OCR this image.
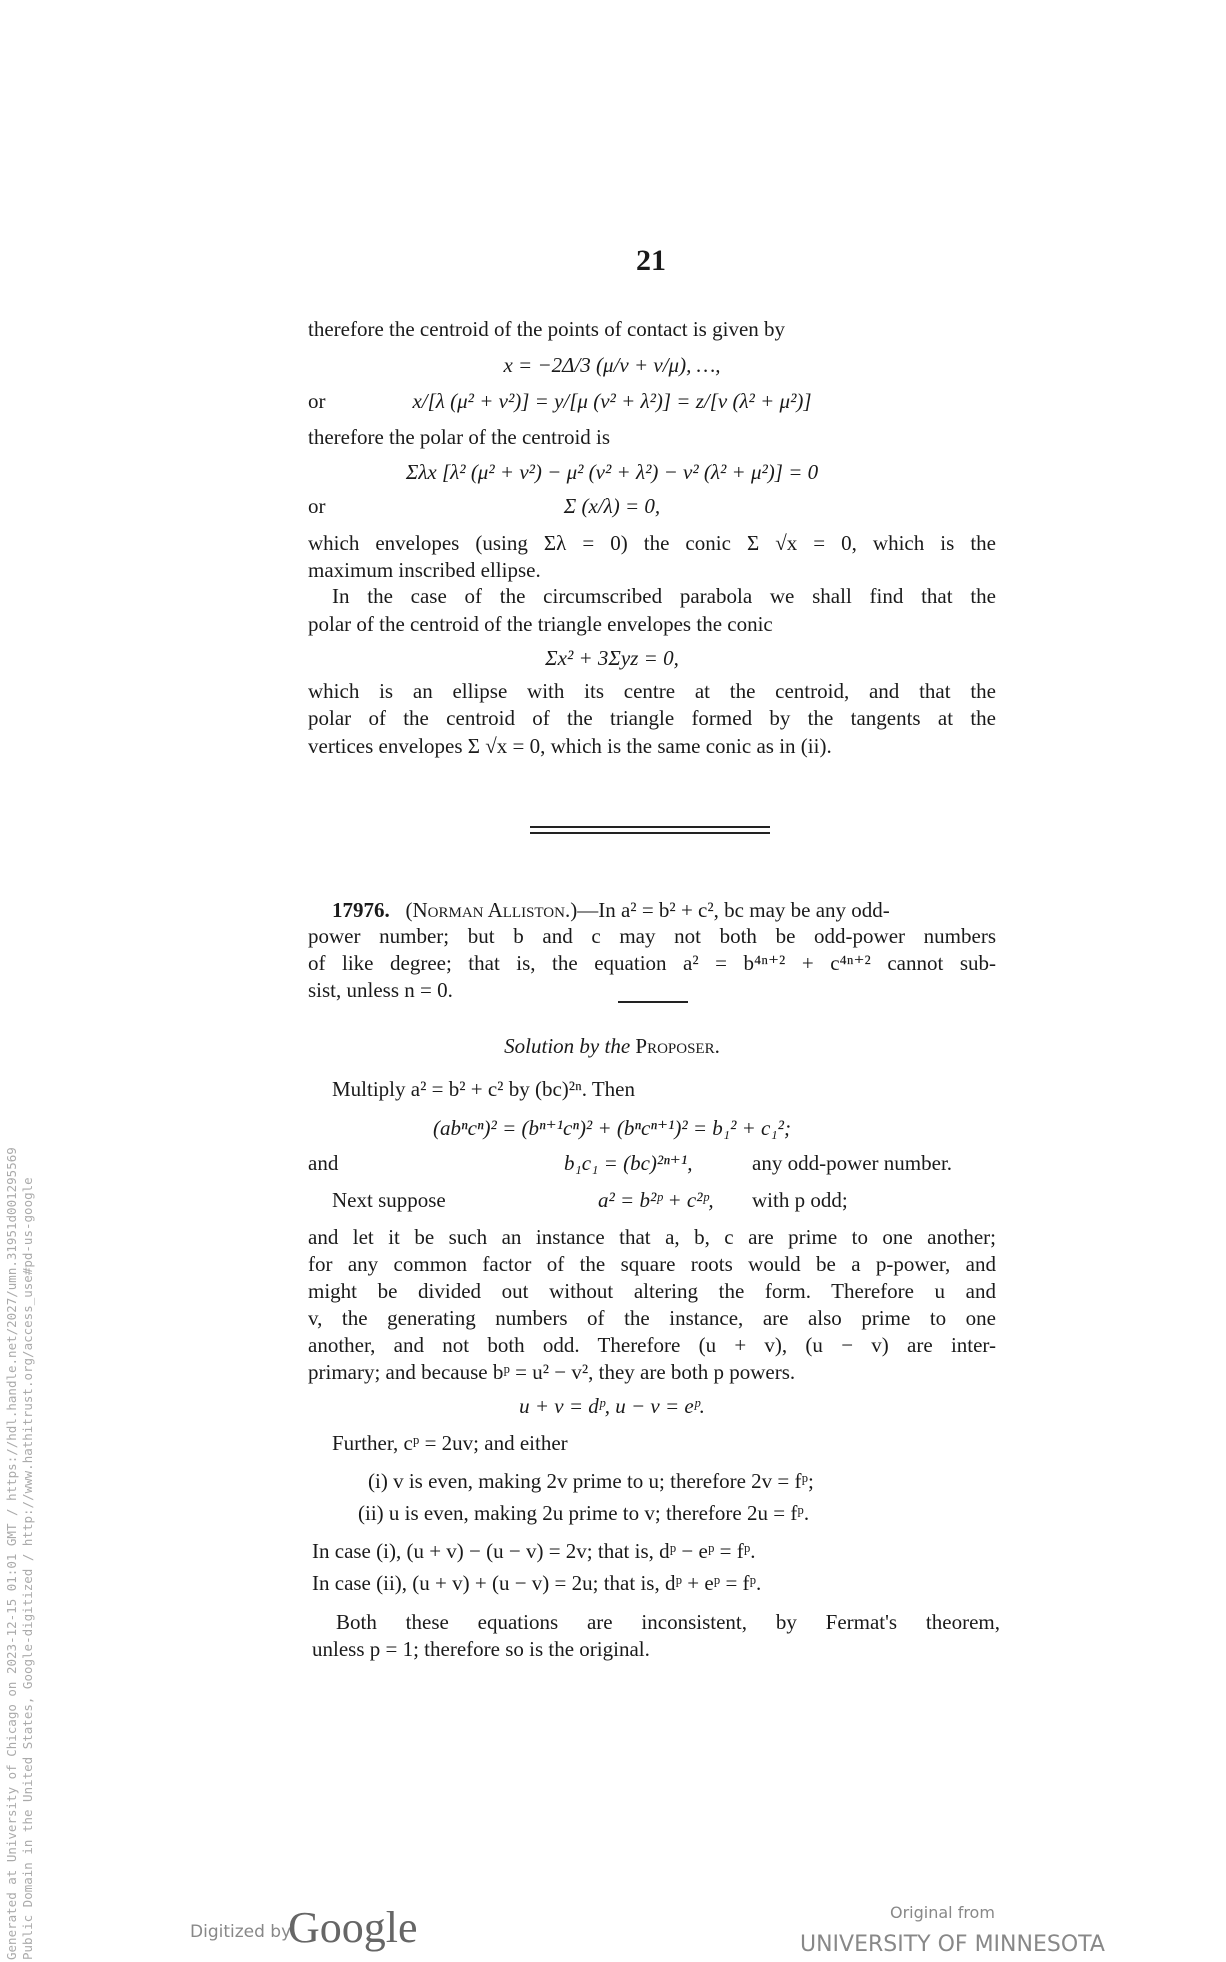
21
therefore the centroid of the points of contact is given by
x = −2Δ/3 (μ/ν + ν/μ), …,
or	x/[λ (μ² + ν²)] = y/[μ (ν² + λ²)] = z/[ν (λ² + μ²)]
therefore the polar of the centroid is
Σλx [λ² (μ² + ν²) − μ² (ν² + λ²) − ν² (λ² + μ²)] = 0
or	Σ (x/λ) = 0,
which envelopes (using Σλ = 0) the conic Σ √x = 0, which is the
maximum inscribed ellipse.
In the case of the circumscribed parabola we shall find that the
polar of the centroid of the triangle envelopes the conic
Σx² + 3Σyz = 0,
which is an ellipse with its centre at the centroid, and that the
polar of the centroid of the triangle formed by the tangents at the
vertices envelopes Σ √x = 0, which is the same conic as in (ii).
17976. (Norman Alliston.)—In a² = b² + c², bc may be any odd-
power number; but b and c may not both be odd-power numbers
of like degree; that is, the equation a² = b⁴ⁿ⁺² + c⁴ⁿ⁺² cannot sub-
sist, unless n = 0.
Solution by the Proposer.
Multiply a² = b² + c² by (bc)²ⁿ. Then
(abⁿcⁿ)² = (bⁿ⁺¹cⁿ)² + (bⁿcⁿ⁺¹)² = b₁² + c₁²;
and	b₁c₁ = (bc)²ⁿ⁺¹,	any odd-power number.
Next suppose	a² = b²ᵖ + c²ᵖ, with p odd;
and let it be such an instance that a, b, c are prime to one another;
for any common factor of the square roots would be a p-power, and
might be divided out without altering the form. Therefore u and
v, the generating numbers of the instance, are also prime to one
another, and not both odd. Therefore (u + v), (u − v) are inter-
primary; and because bᵖ = u² − v², they are both p powers.
u + v = dᵖ, u − v = eᵖ.
Further, cᵖ = 2uv; and either
(i) v is even, making 2v prime to u; therefore 2v = fᵖ;
(ii) u is even, making 2u prime to v; therefore 2u = fᵖ.
In case (i), (u + v) − (u − v) = 2v; that is, dᵖ − eᵖ = fᵖ.
In case (ii), (u + v) + (u − v) = 2u; that is, dᵖ + eᵖ = fᵖ.
Both these equations are inconsistent, by Fermat's theorem,
unless p = 1; therefore so is the original.
Generated at University of Chicago on 2023-12-15 01:01 GMT / https://hdl.handle.net/2027/umn.31951d001295569 Public Domain in the United States, Google-digitized / http://www.hathitrust.org/access_use#pd-us-google	Digitized by
Google	Original from
UNIVERSITY OF MINNESOTA
